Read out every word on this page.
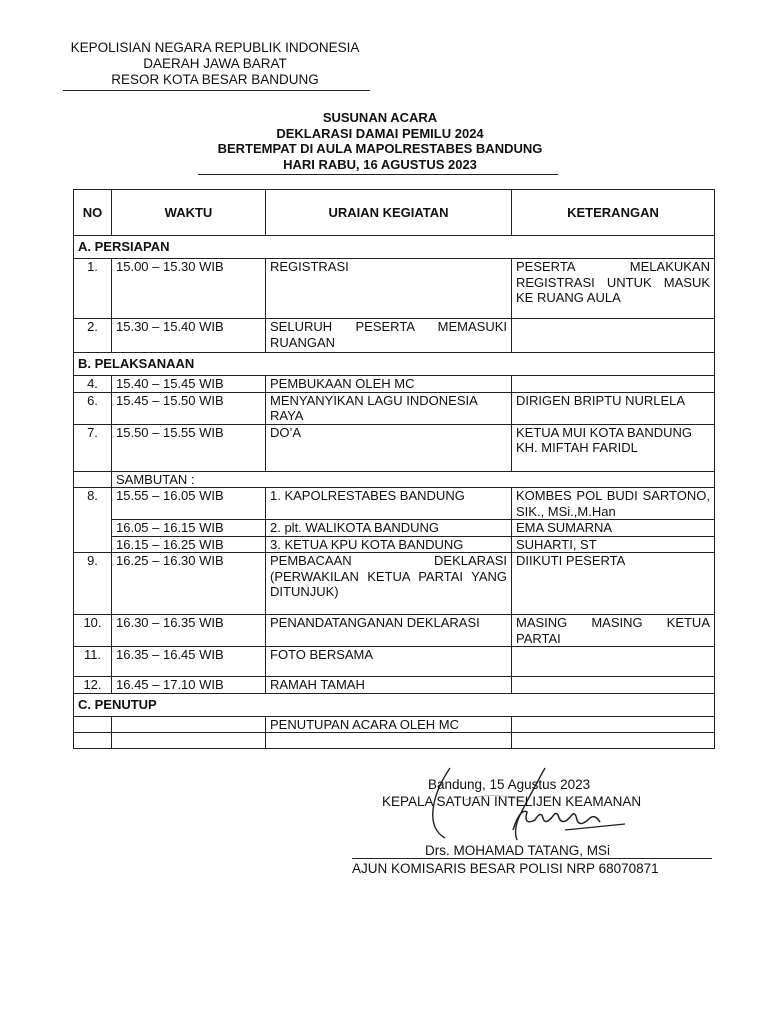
KEPOLISIAN NEGARA REPUBLIK INDONESIA
DAERAH JAWA BARAT
RESOR KOTA BESAR BANDUNG
SUSUNAN ACARA
DEKLARASI DAMAI PEMILU 2024
BERTEMPAT DI AULA MAPOLRESTABES BANDUNG
HARI RABU, 16 AGUSTUS 2023
NO	WAKTU	URAIAN KEGIATAN	KETERANGAN
A. PERSIAPAN			
1.	15.00 – 15.30 WIB	REGISTRASI	PESERTA MELAKUKAN REGISTRASI UNTUK MASUK KE RUANG AULA
2.	15.30 – 15.40 WIB	SELURUH PESERTA MEMASUKI RUANGAN	
B. PELAKSANAAN			
4.	15.40 – 15.45 WIB	PEMBUKAAN OLEH MC	
6.	15.45 – 15.50 WIB	MENYANYIKAN LAGU INDONESIA RAYA	DIRIGEN BRIPTU NURLELA
7.	15.50 – 15.55 WIB	DO’A	KETUA MUI KOTA BANDUNG
KH. MIFTAH FARIDL

	SAMBUTAN :		
8.	15.55 – 16.05 WIB	1. KAPOLRESTABES BANDUNG	KOMBES POL BUDI SARTONO, SIK., MSi.,M.Han
	16.05 – 16.15 WIB	2. plt. WALIKOTA BANDUNG	EMA SUMARNA
	16.15 – 16.25 WIB	3. KETUA KPU KOTA BANDUNG	SUHARTI, ST
9.	16.25 – 16.30 WIB	PEMBACAAN DEKLARASI (PERWAKILAN KETUA PARTAI YANG DITUNJUK)	DIIKUTI PESERTA
10.	16.30 – 16.35 WIB	PENANDATANGANAN DEKLARASI	MASING MASING KETUA PARTAI
11.	16.35 – 16.45 WIB	FOTO BERSAMA	
12.	16.45 – 17.10 WIB	RAMAH TAMAH	
C. PENUTUP			
		PENUTUPAN ACARA OLEH MC	

Bandung, 15 Agustus 2023
KEPALA SATUAN INTELIJEN KEAMANAN
Drs. MOHAMAD TATANG, MSi
AJUN KOMISARIS BESAR POLISI NRP 68070871
